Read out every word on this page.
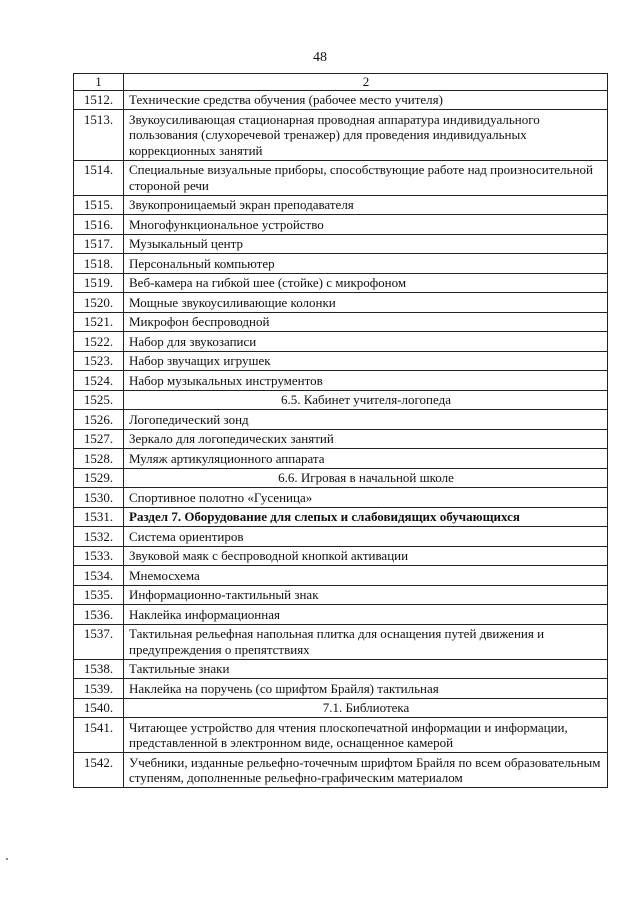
48
1	2
1512.	Технические средства обучения (рабочее место учителя)
1513.	Звукоусиливающая стационарная проводная аппаратура индивидуального пользования (слухоречевой тренажер) для проведения индивидуальных коррекционных занятий
1514.	Специальные визуальные приборы, способствующие работе над произносительной стороной речи
1515.	Звукопроницаемый экран преподавателя
1516.	Многофункциональное устройство
1517.	Музыкальный центр
1518.	Персональный компьютер
1519.	Веб-камера на гибкой шее (стойке) с микрофоном
1520.	Мощные звукоусиливающие колонки
1521.	Микрофон беспроводной
1522.	Набор для звукозаписи
1523.	Набор звучащих игрушек
1524.	Набор музыкальных инструментов
1525.	6.5. Кабинет учителя-логопеда
1526.	Логопедический зонд
1527.	Зеркало для логопедических занятий
1528.	Муляж артикуляционного аппарата
1529.	6.6. Игровая в начальной школе
1530.	Спортивное полотно «Гусеница»
1531.	Раздел 7. Оборудование для слепых и слабовидящих обучающихся
1532.	Система ориентиров
1533.	Звуковой маяк с беспроводной кнопкой активации
1534.	Мнемосхема
1535.	Информационно-тактильный знак
1536.	Наклейка информационная
1537.	Тактильная рельефная напольная плитка для оснащения путей движения и предупреждения о препятствиях
1538.	Тактильные знаки
1539.	Наклейка на поручень (со шрифтом Брайля) тактильная
1540.	7.1. Библиотека
1541.	Читающее устройство для чтения плоскопечатной информации и информации, представленной в электронном виде, оснащенное камерой
1542.	Учебники, изданные рельефно-точечным шрифтом Брайля по всем образовательным ступеням, дополненные рельефно-графическим материалом
